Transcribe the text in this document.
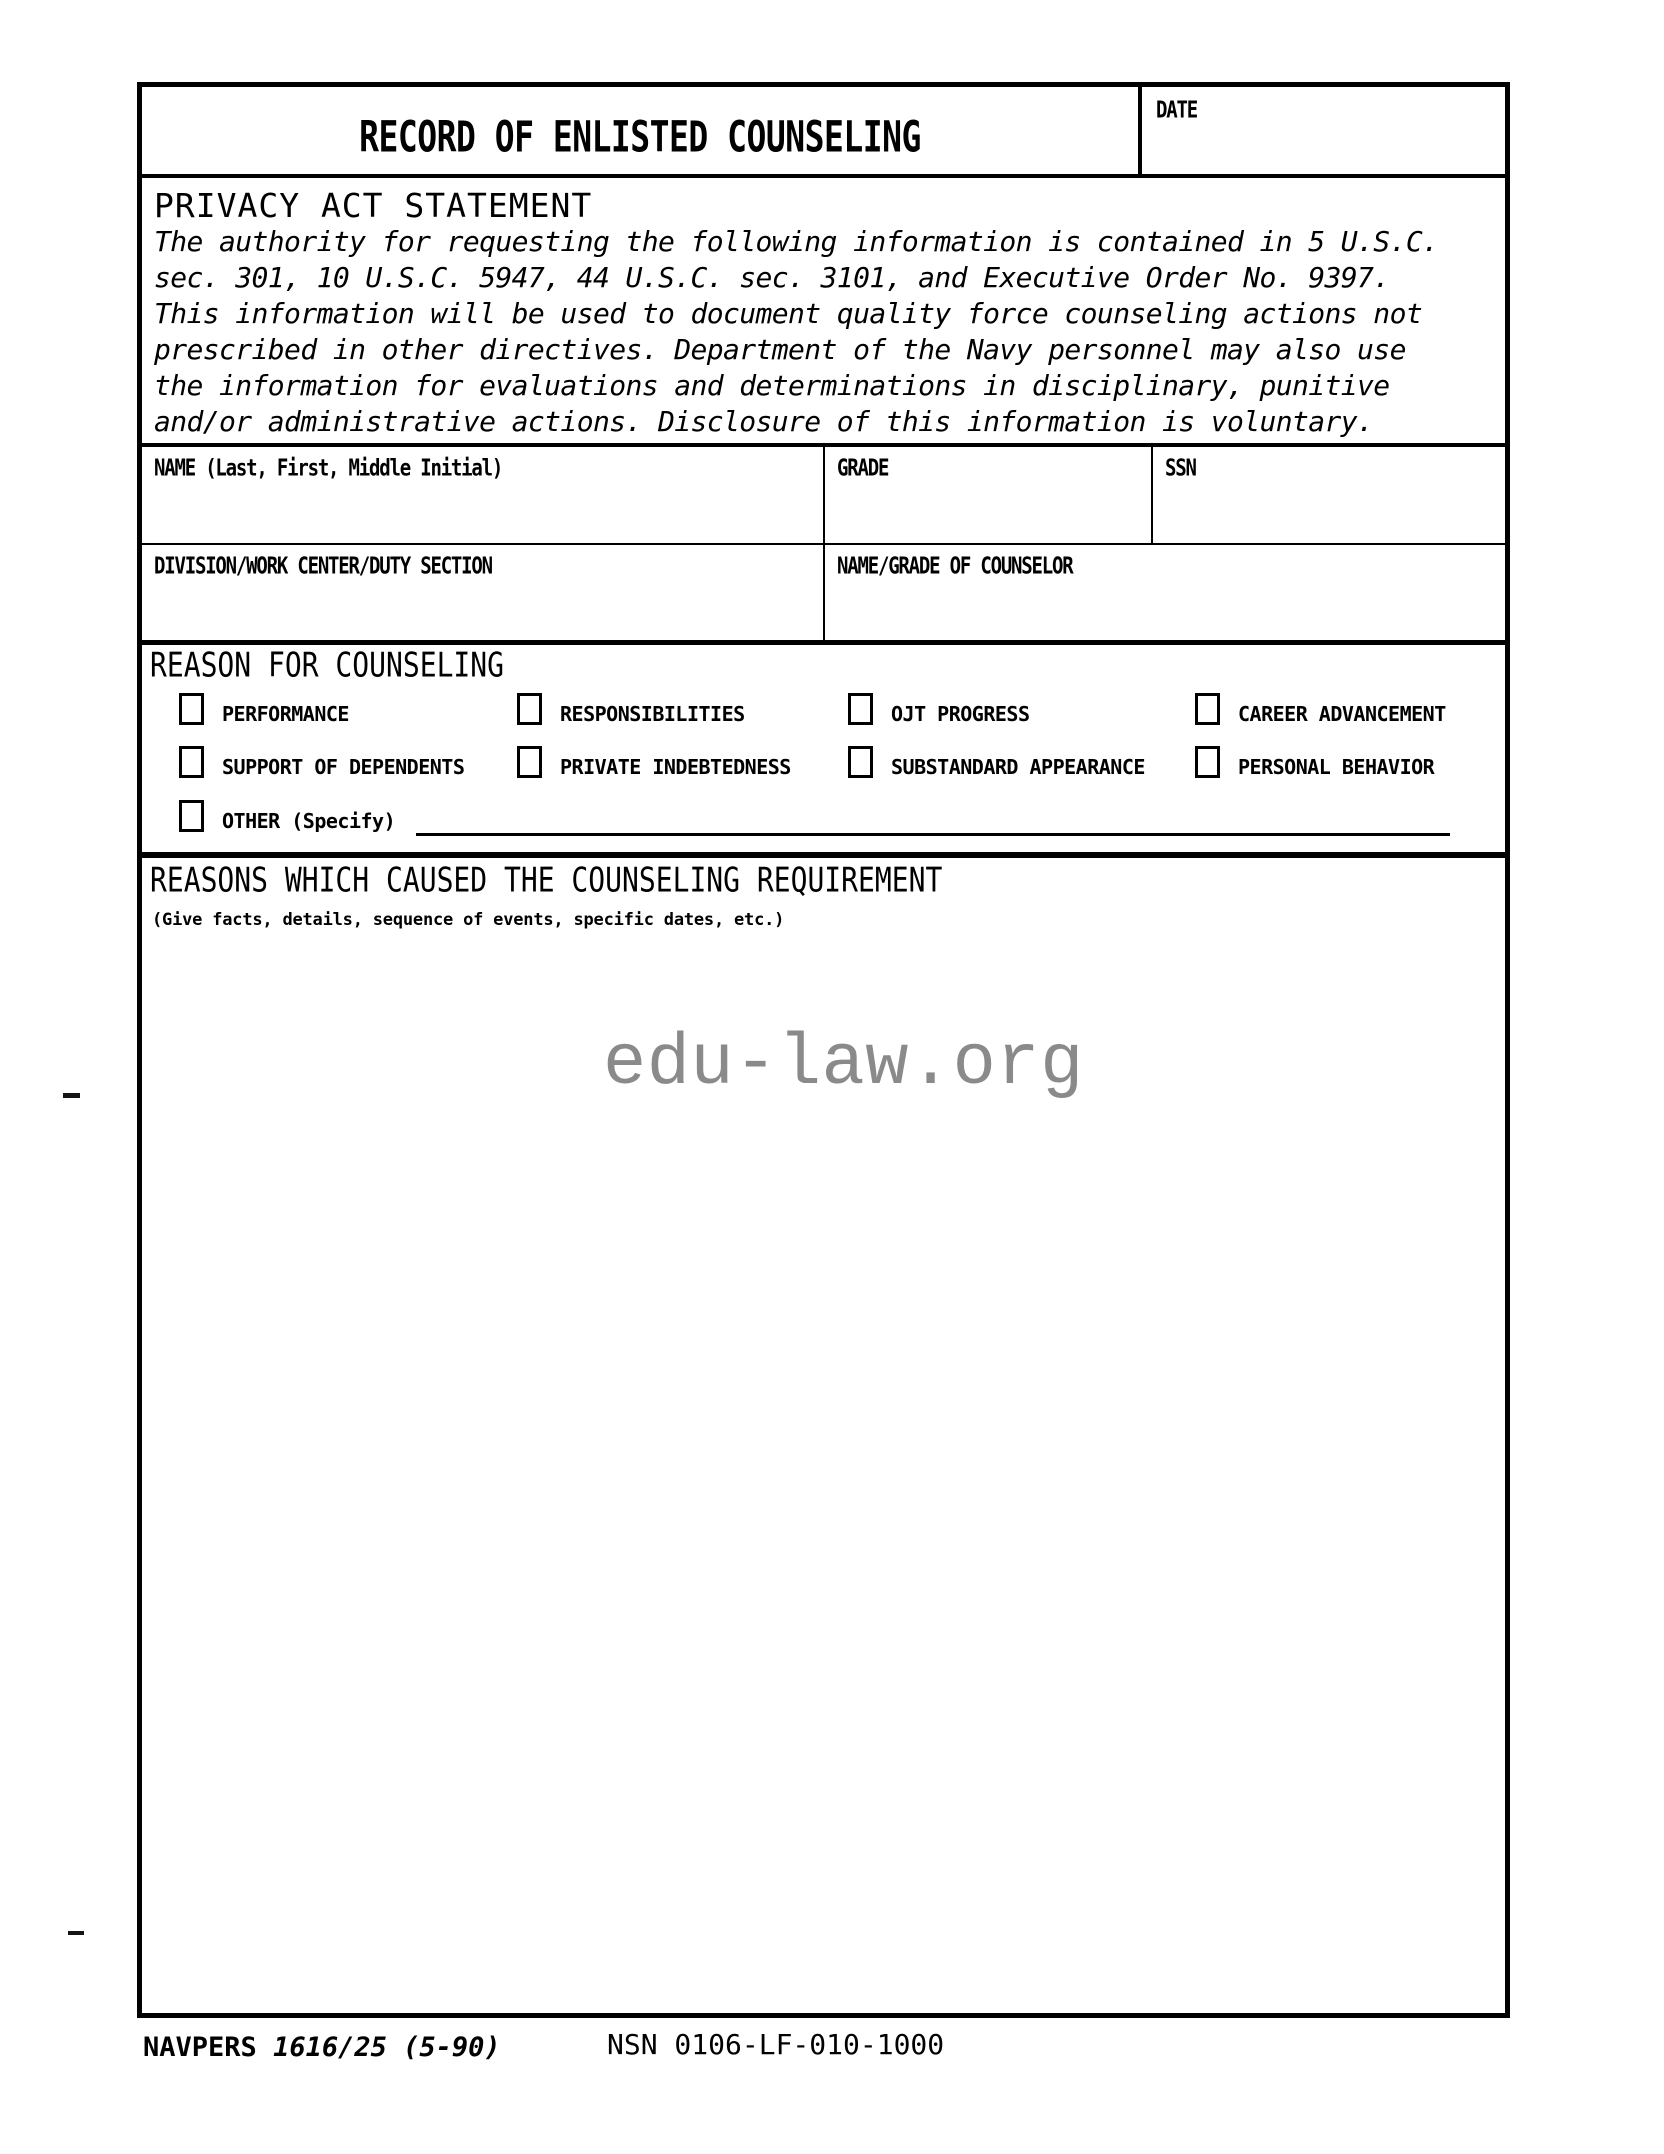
RECORD OF ENLISTED COUNSELING
DATE
PRIVACY ACT STATEMENT
The authority for requesting the following information is contained in 5 U.S.C.
sec. 301, 10 U.S.C. 5947, 44 U.S.C. sec. 3101, and Executive Order No. 9397.
This information will be used to document quality force counseling actions not
prescribed in other directives. Department of the Navy personnel may also use
the information for evaluations and determinations in disciplinary, punitive
and/or administrative actions. Disclosure of this information is voluntary.
NAME (Last, First, Middle Initial)	GRADE	SSN
DIVISION/WORK CENTER/DUTY SECTION	NAME/GRADE OF COUNSELOR
REASON FOR COUNSELING
PERFORMANCE	RESPONSIBILITIES	OJT PROGRESS	CAREER ADVANCEMENT
SUPPORT OF DEPENDENTS	PRIVATE INDEBTEDNESS	SUBSTANDARD APPEARANCE	PERSONAL BEHAVIOR
OTHER (Specify)
REASONS WHICH CAUSED THE COUNSELING REQUIREMENT
(Give facts, details, sequence of events, specific dates, etc.)
edu-law.org
NAVPERS 1616/25 (5-90)	NSN 0106-LF-010-1000
